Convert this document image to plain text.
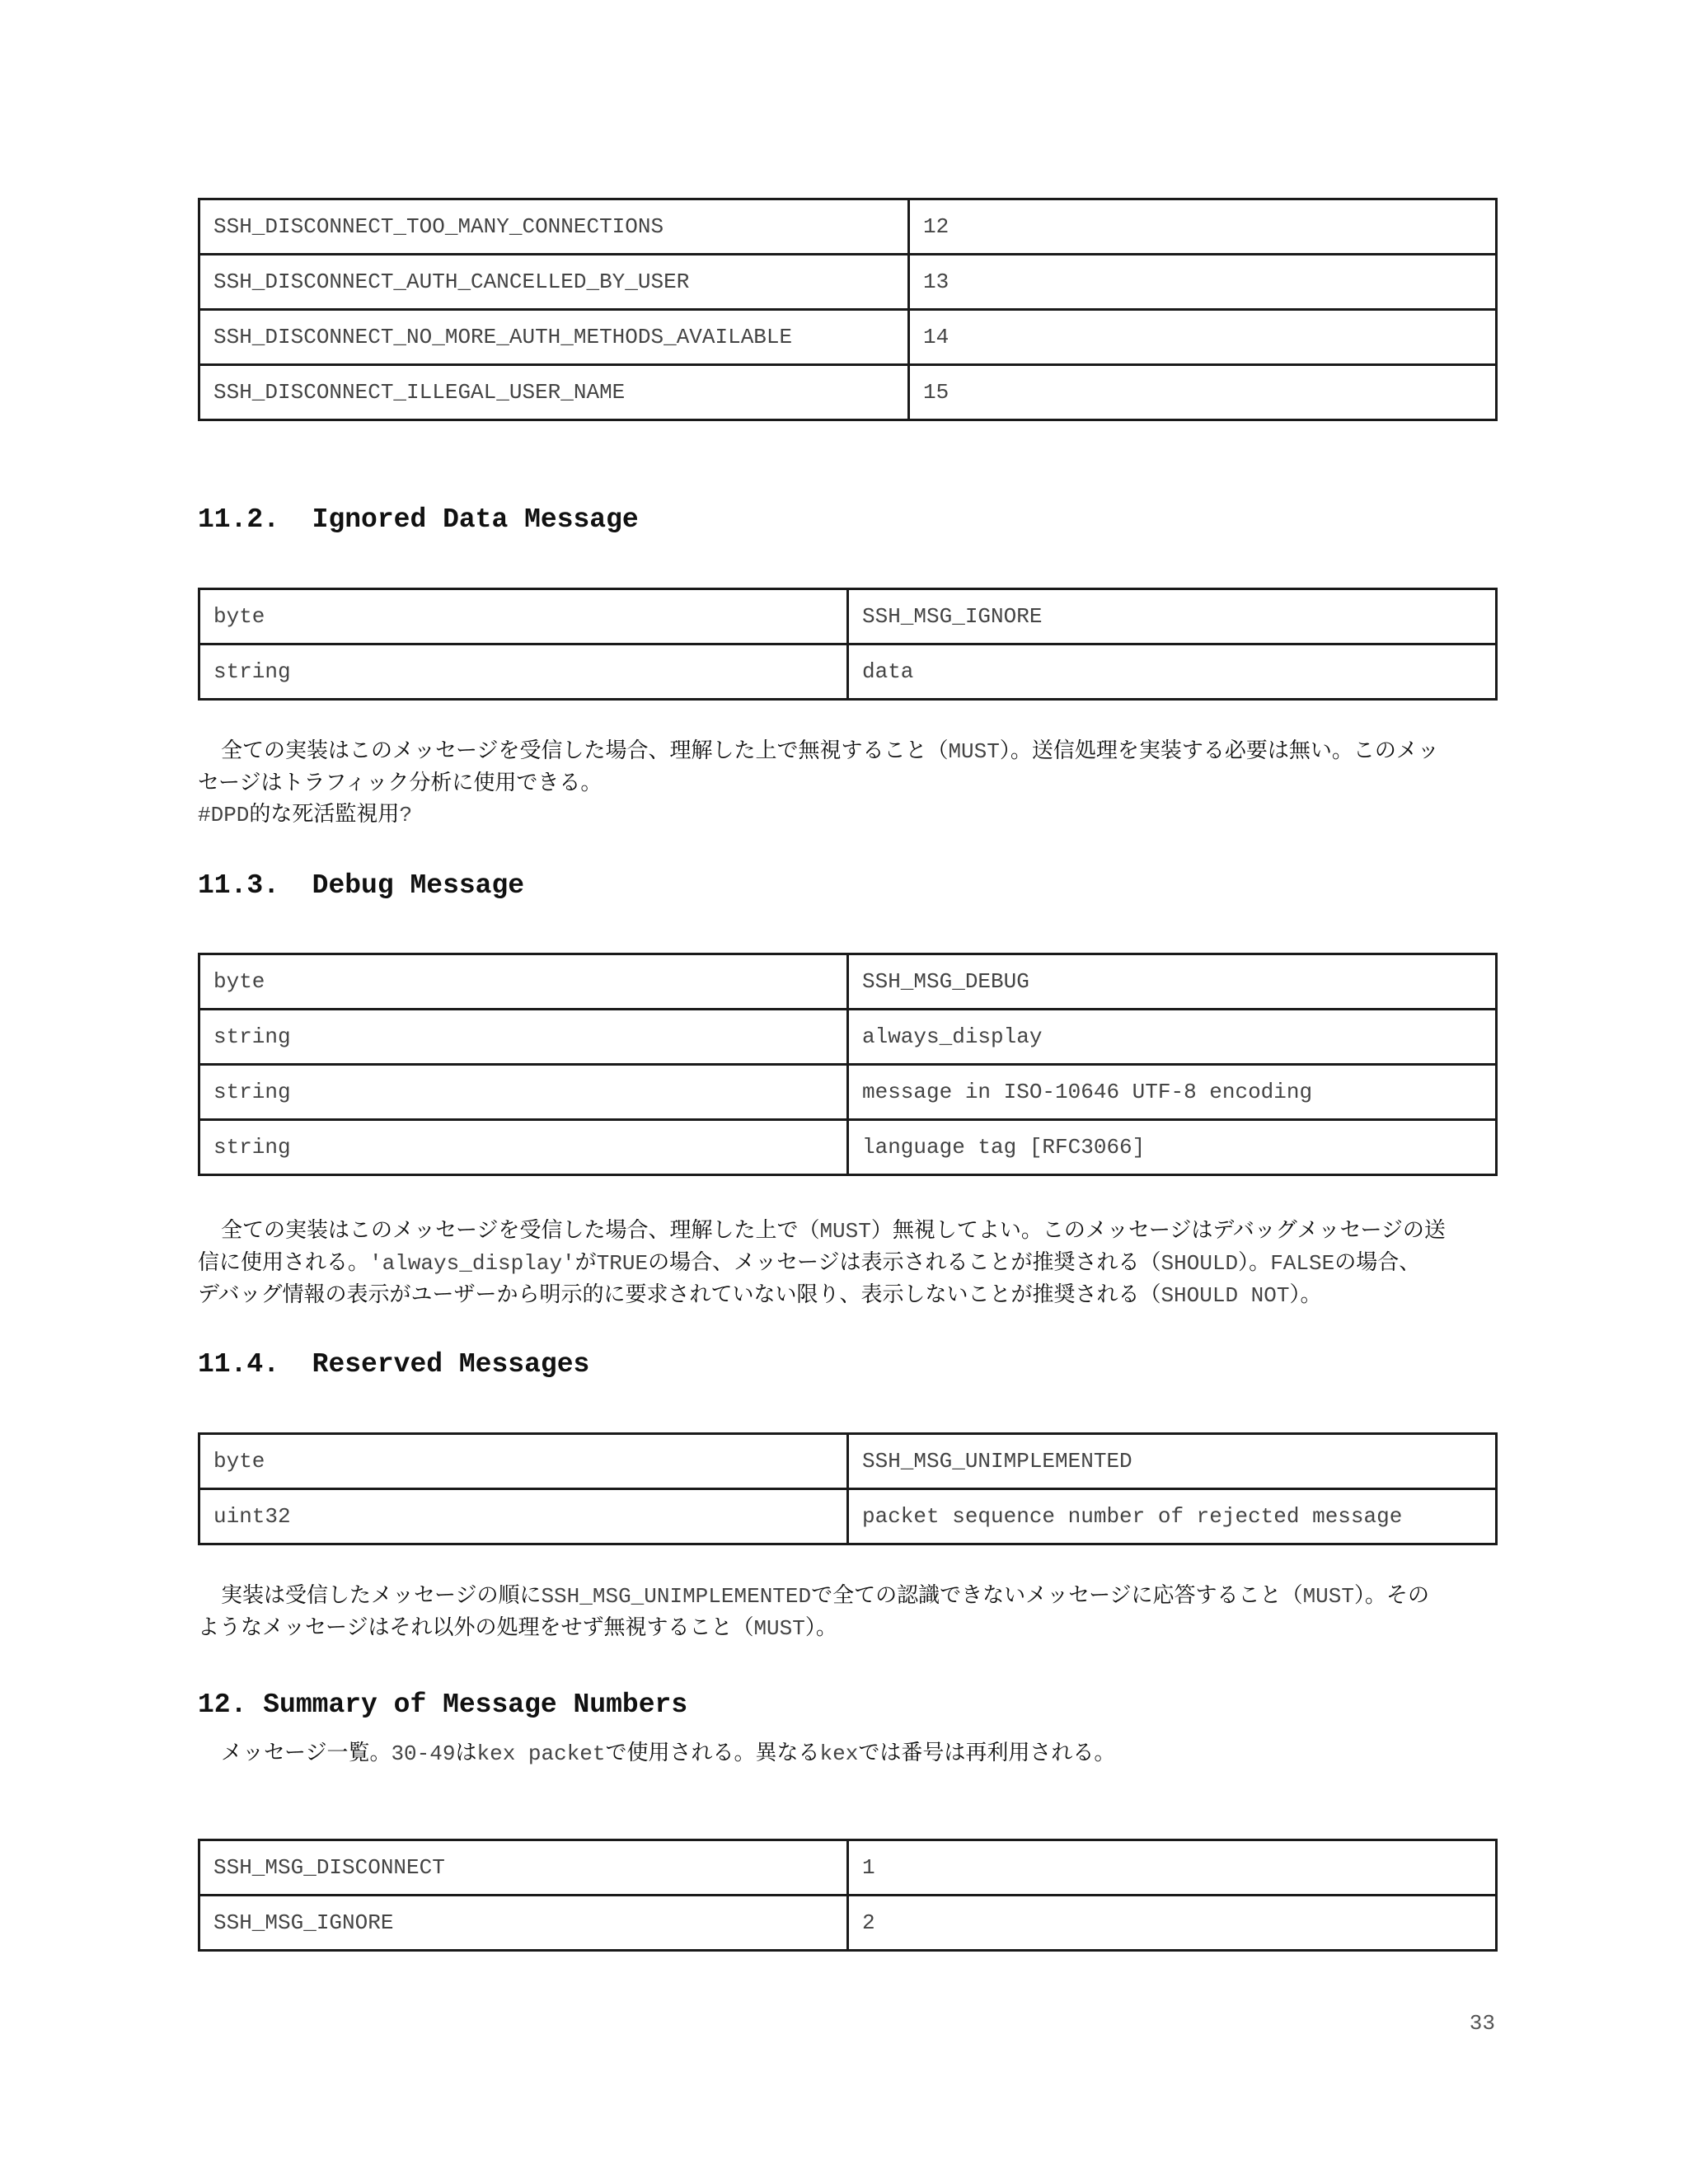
SSH_DISCONNECT_TOO_MANY_CONNECTIONS	12
SSH_DISCONNECT_AUTH_CANCELLED_BY_USER	13
SSH_DISCONNECT_NO_MORE_AUTH_METHODS_AVAILABLE	14
SSH_DISCONNECT_ILLEGAL_USER_NAME	15
11.2. Ignored Data Message
byte	SSH_MSG_IGNORE
string	data

全ての実装はこのメッセージを受信した場合、理解した上で無視すること（MUST）。送信処理を実装する必要は無い。このメッ
セージはトラフィック分析に使用できる。
#DPD的な死活監視用?

11.3. Debug Message
byte	SSH_MSG_DEBUG
string	always_display
string	message in ISO-10646 UTF-8 encoding
string	language tag [RFC3066]

全ての実装はこのメッセージを受信した場合、理解した上で（MUST）無視してよい。このメッセージはデバッグメッセージの送
信に使用される。'always_display'がTRUEの場合、メッセージは表示されることが推奨される（SHOULD）。FALSEの場合、
デバッグ情報の表示がユーザーから明示的に要求されていない限り、表示しないことが推奨される（SHOULD NOT）。

11.4. Reserved Messages
byte	SSH_MSG_UNIMPLEMENTED
uint32	packet sequence number of rejected message

実装は受信したメッセージの順にSSH_MSG_UNIMPLEMENTEDで全ての認識できないメッセージに応答すること（MUST）。その
ようなメッセージはそれ以外の処理をせず無視すること（MUST）。

12. Summary of Message Numbers

メッセージ一覧。30-49はkex packetで使用される。異なるkexでは番号は再利用される。

SSH_MSG_DISCONNECT	1
SSH_MSG_IGNORE	2
33
